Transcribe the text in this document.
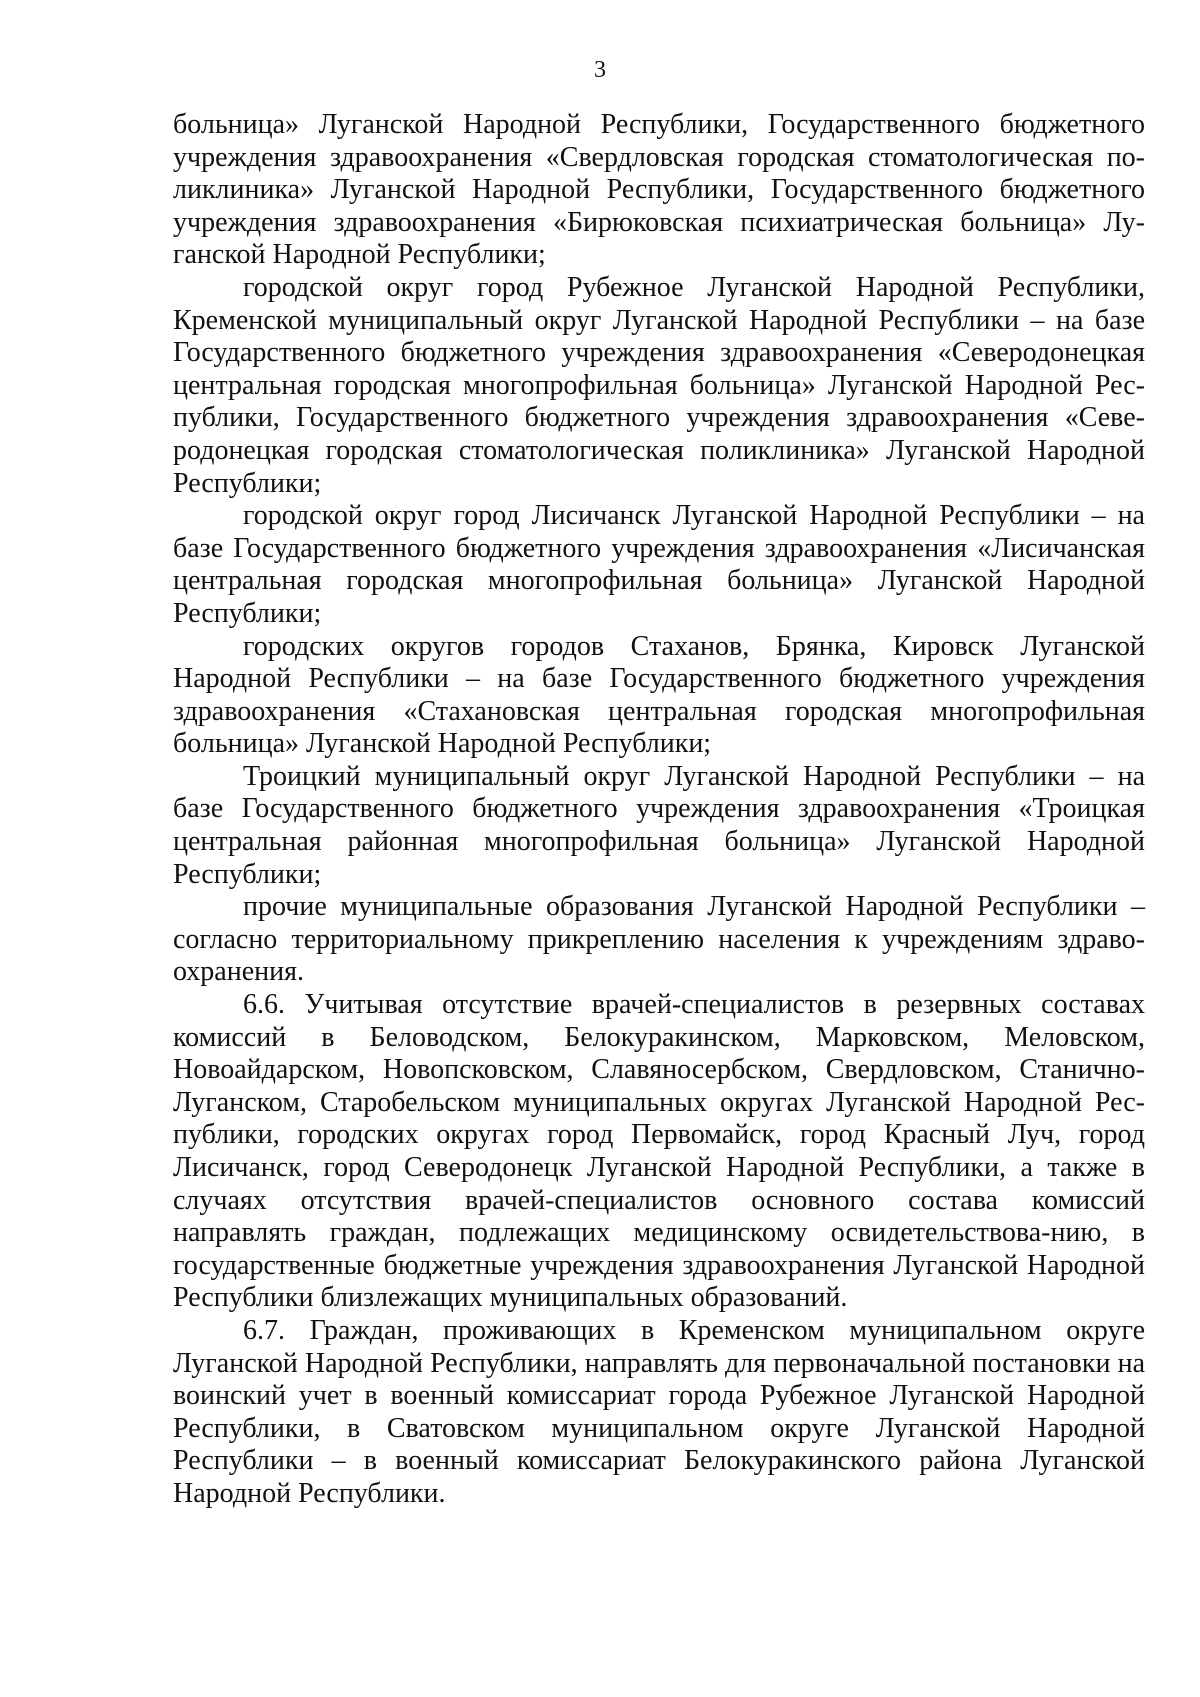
3

больница» Луганской Народной Республики, Государственного бюджетного учреждения здравоохранения «Свердловская городская стоматологическая по-ликлиника» Луганской Народной Республики, Государственного бюджетного учреждения здравоохранения «Бирюковская психиатрическая больница» Лу-ганской Народной Республики;

городской округ город Рубежное Луганской Народной Республики, Кременской муниципальный округ Луганской Народной Республики – на базе Государственного бюджетного учреждения здравоохранения «Северодонецкая центральная городская многопрофильная больница» Луганской Народной Рес-публики, Государственного бюджетного учреждения здравоохранения «Севе-родонецкая городская стоматологическая поликлиника» Луганской Народной Республики;

городской округ город Лисичанск Луганской Народной Республики – на базе Государственного бюджетного учреждения здравоохранения «Лисичанская центральная городская многопрофильная больница» Луганской Народной Республики;

городских округов городов Стаханов, Брянка, Кировск Луганской Народной Республики – на базе Государственного бюджетного учреждения здравоохранения «Стахановская центральная городская многопрофильная больница» Луганской Народной Республики;

Троицкий муниципальный округ Луганской Народной Республики – на базе Государственного бюджетного учреждения здравоохранения «Троицкая центральная районная многопрофильная больница» Луганской Народной Республики;

прочие муниципальные образования Луганской Народной Республики – согласно территориальному прикреплению населения к учреждениям здраво-охранения.

6.6. Учитывая отсутствие врачей-специалистов в резервных составах комиссий в Беловодском, Белокуракинском, Марковском, Меловском, Новоайдарском, Новопсковском, Славяносербском, Свердловском, Станично-Луганском, Старобельском муниципальных округах Луганской Народной Рес-публики, городских округах город Первомайск, город Красный Луч, город Лисичанск, город Северодонецк Луганской Народной Республики, а также в случаях отсутствия врачей-специалистов основного состава комиссий направлять граждан, подлежащих медицинскому освидетельствова-нию, в государственные бюджетные учреждения здравоохранения Луганской Народной Республики близлежащих муниципальных образований.

6.7. Граждан, проживающих в Кременском муниципальном округе Луганской Народной Республики, направлять для первоначальной постановки на воинский учет в военный комиссариат города Рубежное Луганской Народной Республики, в Сватовском муниципальном округе Луганской Народной Республики – в военный комиссариат Белокуракинского района Луганской Народной Республики.
